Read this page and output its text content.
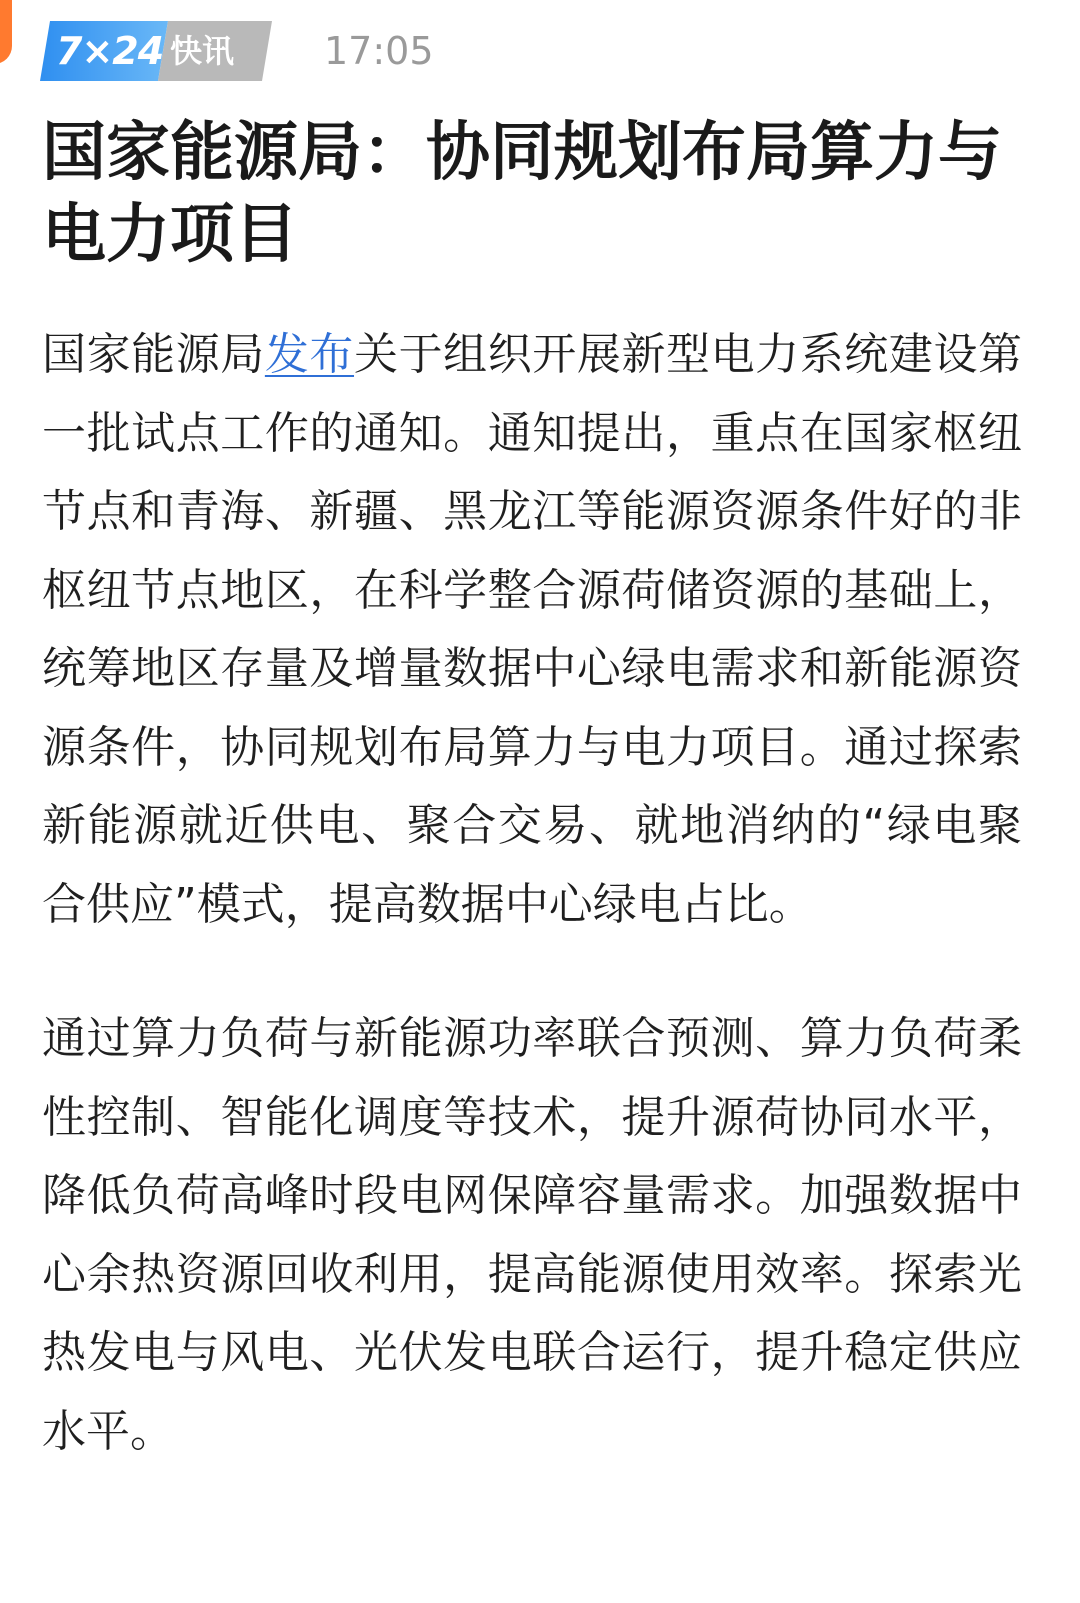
7×24 快讯 17:05
国家能源局：协同规划布局算力与电力项目

国家能源局发布关于组织开展新型电力系统建设第一批试点工作的通知。通知提出，重点在国家枢纽节点和青海、新疆、黑龙江等能源资源条件好的非枢纽节点地区，在科学整合源荷储资源的基础上，统筹地区存量及增量数据中心绿电需求和新能源资源条件，协同规划布局算力与电力项目。通过探索新能源就近供电、聚合交易、就地消纳的“绿电聚合供应”模式，提高数据中心绿电占比。

通过算力负荷与新能源功率联合预测、算力负荷柔性控制、智能化调度等技术，提升源荷协同水平，降低负荷高峰时段电网保障容量需求。加强数据中心余热资源回收利用，提高能源使用效率。探索光热发电与风电、光伏发电联合运行，提升稳定供应水平。
